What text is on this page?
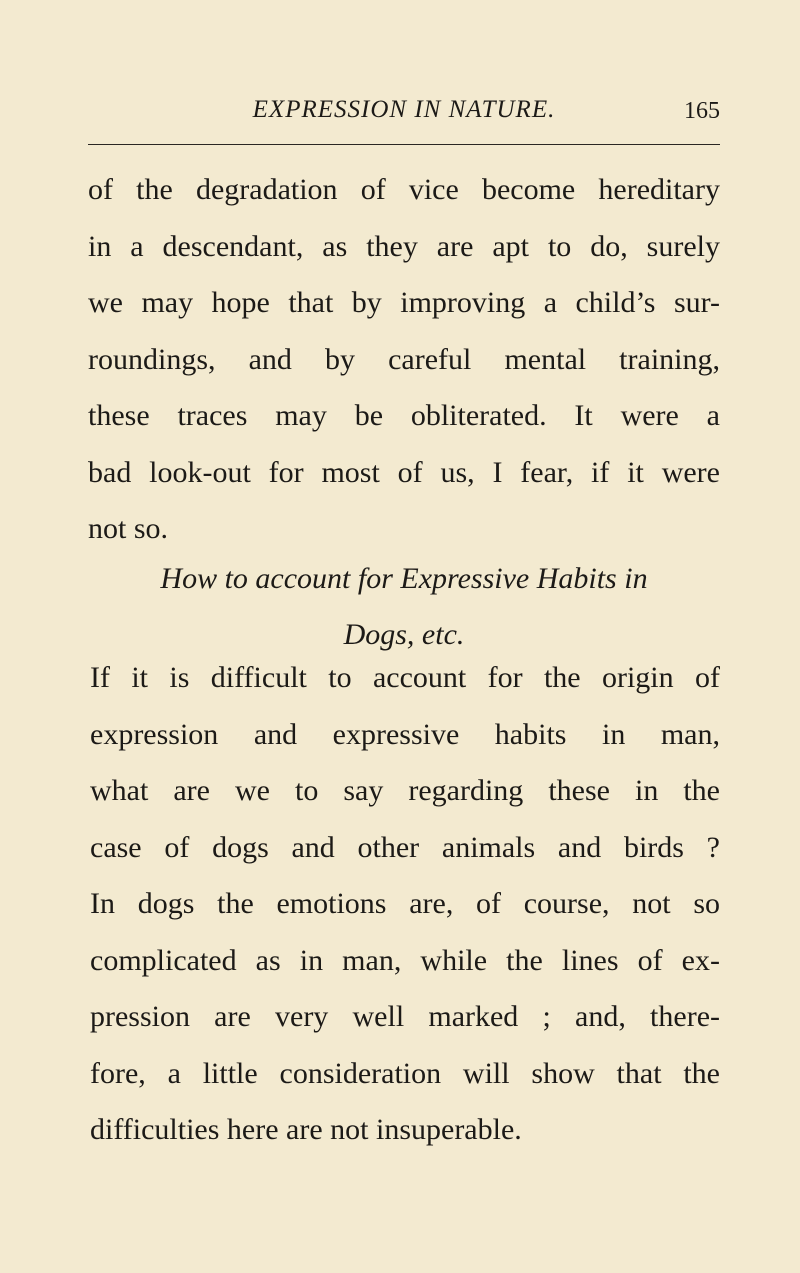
EXPRESSION IN NATURE.	165
of the degradation of vice become hereditary
in a descendant, as they are apt to do, surely
we may hope that by improving a child’s sur-
roundings, and by careful mental training,
these traces may be obliterated. It were a
bad look-out for most of us, I fear, if it were
not so.
How to account for Expressive Habits in
Dogs, etc.
If it is difficult to account for the origin of
expression and expressive habits in man,
what are we to say regarding these in the
case of dogs and other animals and birds ?
In dogs the emotions are, of course, not so
complicated as in man, while the lines of ex-
pression are very well marked ; and, there-
fore, a little consideration will show that the
difficulties here are not insuperable.
